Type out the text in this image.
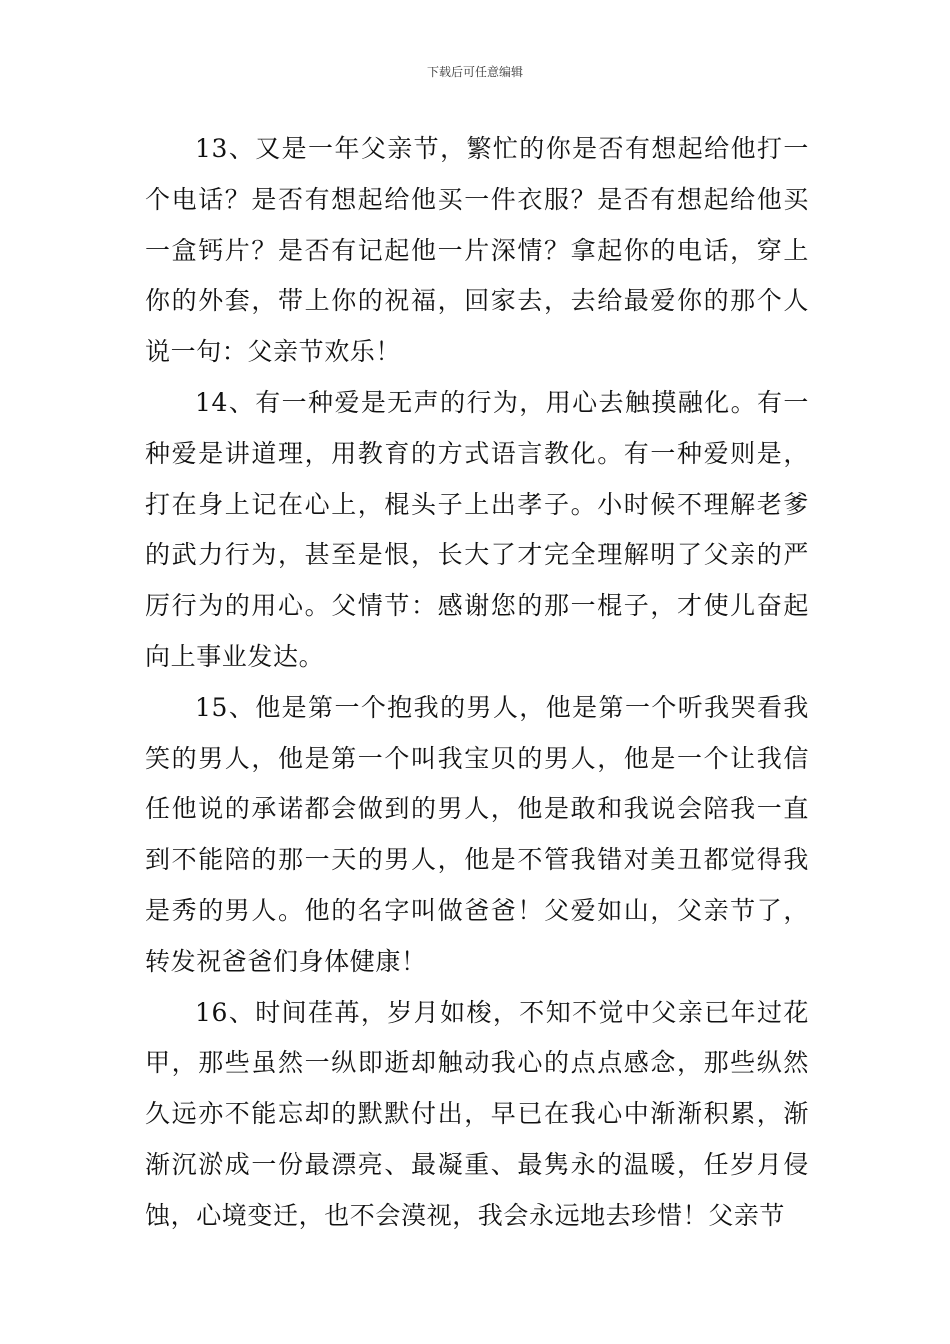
下载后可任意编辑

13、又是一年父亲节，繁忙的你是否有想起给他打一个电话？是否有想起给他买一件衣服？是否有想起给他买一盒钙片？是否有记起他一片深情？拿起你的电话，穿上你的外套，带上你的祝福，回家去，去给最爱你的那个人说一句：父亲节欢乐！

14、有一种爱是无声的行为，用心去触摸融化。有一种爱是讲道理，用教育的方式语言教化。有一种爱则是，打在身上记在心上，棍头子上出孝子。小时候不理解老爹的武力行为，甚至是恨，长大了才完全理解明了父亲的严厉行为的用心。父情节：感谢您的那一棍子，才使儿奋起向上事业发达。

15、他是第一个抱我的男人，他是第一个听我哭看我笑的男人，他是第一个叫我宝贝的男人，他是一个让我信任他说的承诺都会做到的男人，他是敢和我说会陪我一直到不能陪的那一天的男人，他是不管我错对美丑都觉得我是秀的男人。他的名字叫做爸爸！父爱如山，父亲节了，转发祝爸爸们身体健康！

16、时间荏苒，岁月如梭，不知不觉中父亲已年过花甲，那些虽然一纵即逝却触动我心的点点感念，那些纵然久远亦不能忘却的默默付出，早已在我心中渐渐积累，渐渐沉淤成一份最漂亮、最凝重、最隽永的温暖，任岁月侵蚀，心境变迁，也不会漠视，我会永远地去珍惜！父亲节
